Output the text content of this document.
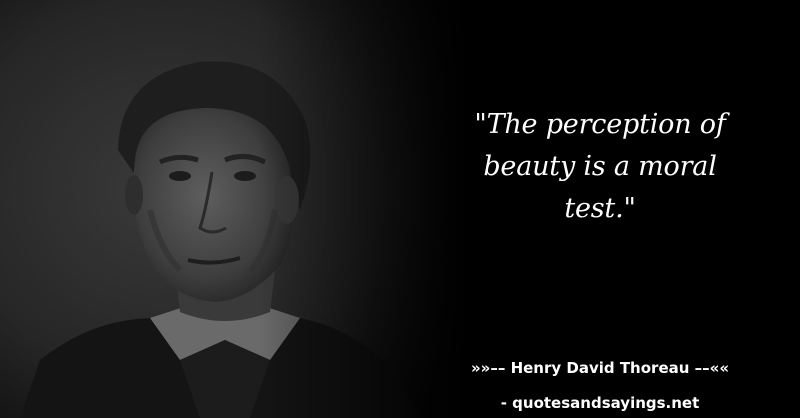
"The perception of beauty is a moral test."

»»–– Henry David Thoreau ––««
- quotesandsayings.net
